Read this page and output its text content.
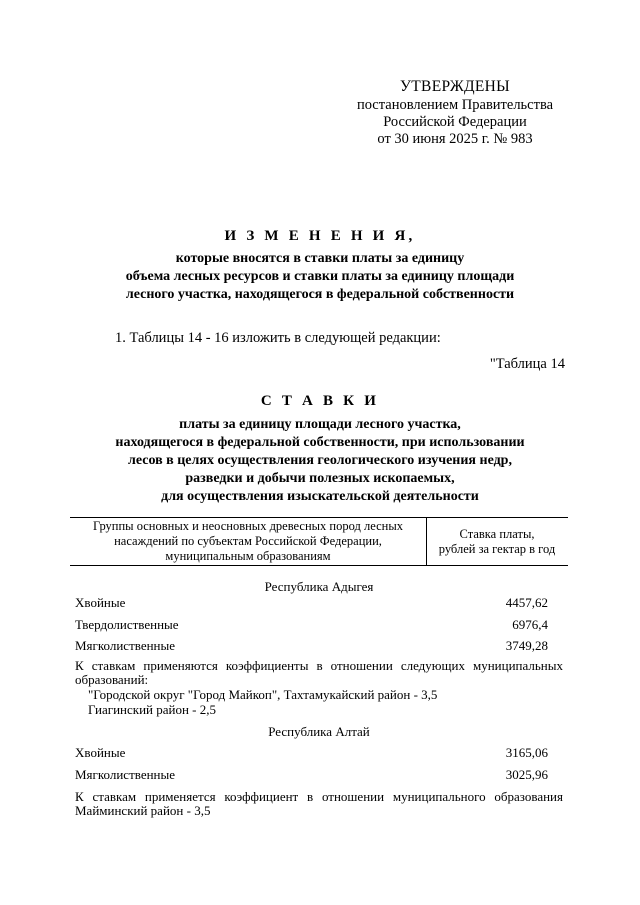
УТВЕРЖДЕНЫ
постановлением Правительства
Российской Федерации
от 30 июня 2025 г. № 983
И З М Е Н Е Н И Я,
которые вносятся в ставки платы за единицу
объема лесных ресурсов и ставки платы за единицу площади
лесного участка, находящегося в федеральной собственности
1. Таблицы 14 - 16 изложить в следующей редакции:
"Таблица 14
С Т А В К И
платы за единицу площади лесного участка,
находящегося в федеральной собственности, при использовании
лесов в целях осуществления геологического изучения недр,
разведки и добычи полезных ископаемых,
для осуществления изыскательской деятельности
Группы основных и неосновных древесных пород лесных
насаждений по субъектам Российской Федерации,
муниципальным образованиям
Ставка платы,
рублей за гектар в год
Республика Адыгея
Хвойные	4457,62
Твердолиственные	6976,4
Мягколиственные	3749,28
К ставкам применяются коэффициенты в отношении следующих муниципальных образований:
"Городской округ "Город Майкоп", Тахтамукайский район - 3,5
Гиагинский район - 2,5
Республика Алтай
Хвойные	3165,06
Мягколиственные	3025,96
К ставкам применяется коэффициент в отношении муниципального образования Майминский район - 3,5
